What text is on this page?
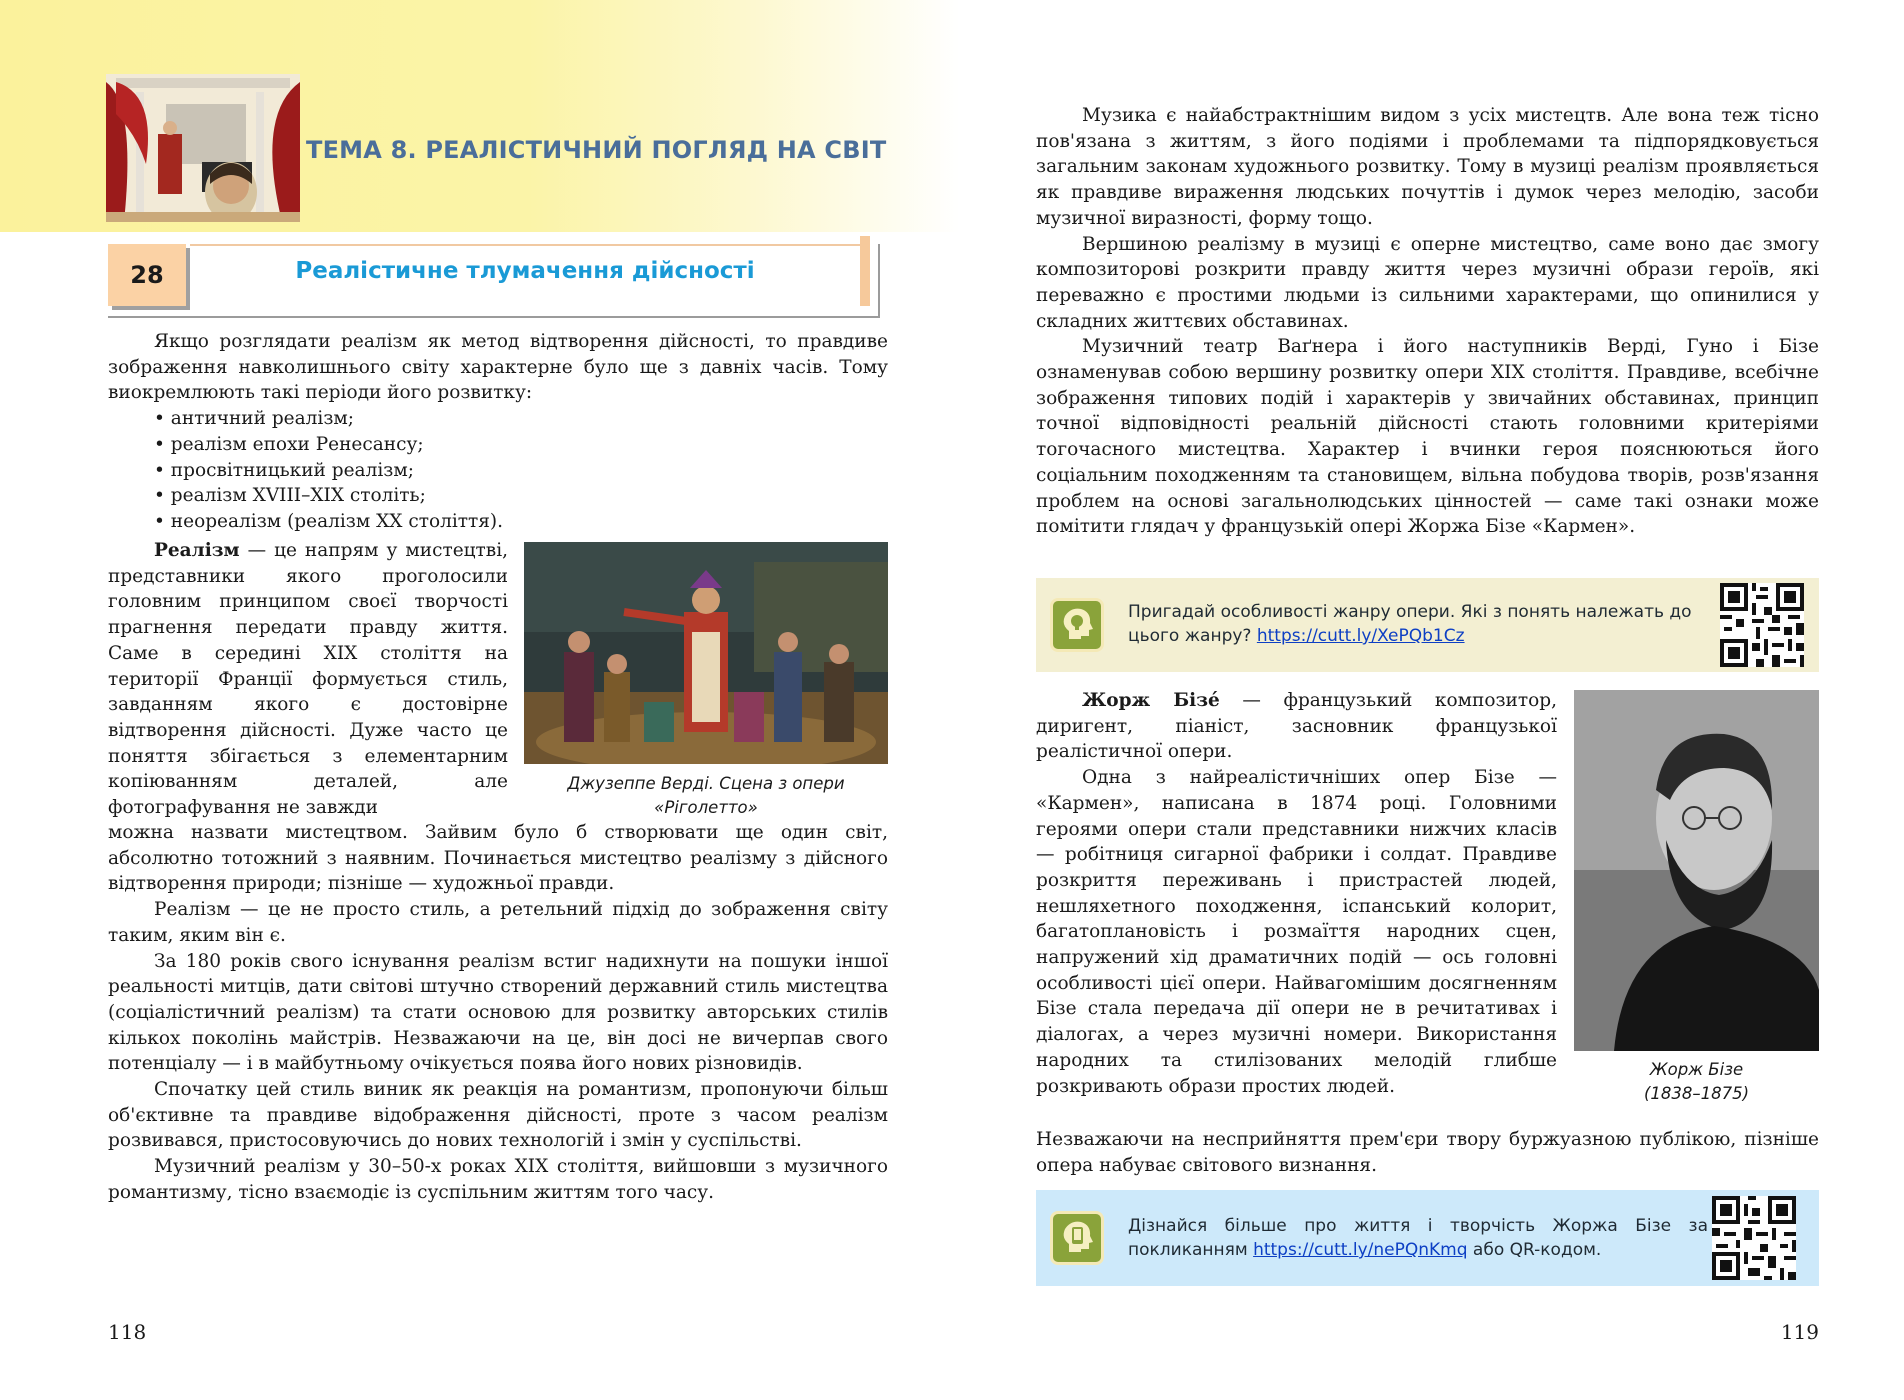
ТЕМА 8. РЕАЛІСТИЧНИЙ ПОГЛЯД НА СВІТ
28	Реалістичне тлумачення дійсності

Якщо розглядати реалізм як метод відтворення дійсності, то правдиве зображення навколишнього світу характерне було ще з давніх часів. Тому виокремлюють такі періоди його розвитку:

• античний реалізм;
• реалізм епохи Ренесансу;
• просвітницький реалізм;
• реалізм XVIII–XIX століть;
• неореалізм (реалізм XX століття).

Реалізм — це напрям у мистецтві, представники якого проголосили головним принципом своєї творчості прагнення передати правду життя. Саме в середині XIX століття на території Франції формується стиль, завданням якого є достовірне відтворення дійсності. Дуже часто це поняття збігається з елементарним копіюванням деталей, але фотографування не завжди

Джузеппе Верді. Сцена з опери «Ріголетто»

можна назвати мистецтвом. Зайвим було б створювати ще один світ, абсолютно тотожний з наявним. Починається мистецтво реалізму з дійсного відтворення природи; пізніше — художньої правди.

Реалізм — це не просто стиль, а ретельний підхід до зображення світу таким, яким він є.

За 180 років свого існування реалізм встиг надихнути на пошуки іншої реальності митців, дати світові штучно створений державний стиль мистецтва (соціалістичний реалізм) та стати основою для розвитку авторських стилів кількох поколінь майстрів. Незважаючи на це, він досі не вичерпав свого потенціалу — і в майбутньому очікується поява його нових різновидів.

Спочатку цей стиль виник як реакція на романтизм, пропонуючи більш об'єктивне та правдиве відображення дійсності, проте з часом реалізм розвивався, пристосовуючись до нових технологій і змін у суспільстві.

Музичний реалізм у 30–50-х роках XIX століття, вийшовши з музичного романтизму, тісно взаємодіє із суспільним життям того часу.

118

Музика є найабстрактнішим видом з усіх мистецтв. Але вона теж тісно пов'язана з життям, з його подіями і проблемами та підпорядковується загальним законам художнього розвитку. Тому в музиці реалізм проявляється як правдиве вираження людських почуттів і думок через мелодію, засоби музичної виразності, форму тощо.

Вершиною реалізму в музиці є оперне мистецтво, саме воно дає змогу композиторові розкрити правду життя через музичні образи героїв, які переважно є простими людьми із сильними характерами, що опинилися у складних життєвих обставинах.

Музичний театр Ваґнера і його наступників Верді, Гуно і Бізе ознаменував собою вершину розвитку опери XIX століття. Правдиве, всебічне зображення типових подій і характерів у звичайних обставинах, принцип точної відповідності реальній дійсності стають головними критеріями тогочасного мистецтва. Характер і вчинки героя пояснюються його соціальним походженням та становищем, вільна побудова творів, розв'язання проблем на основі загальнолюдських цінностей — саме такі ознаки може помітити глядач у французькій опері Жоржа Бізе «Кармен».

Пригадай особливості жанру опери. Які з понять належать до цього жанру? https://cutt.ly/XePQb1Cz

Жорж Бізе́ — французький композитор, диригент, піаніст, засновник французької реалістичної опери.

Одна з найреалістичніших опер Бізе — «Кармен», написана в 1874 році. Головними героями опери стали представники нижчих класів — робітниця сигарної фабрики і солдат. Правдиве розкриття переживань і пристрастей людей, нешляхетного походження, іспанський колорит, багатоплановість і розмаїття народних сцен, напружений хід драматичних подій — ось головні особливості цієї опери. Найвагомішим досягненням Бізе стала передача дії опери не в речитативах і діалогах, а через музичні номери. Використання народних та стилізованих мелодій глибше розкривають образи простих людей.

Жорж Бізе
(1838–1875)

Незважаючи на несприйняття прем'єри твору буржуазною публікою, пізніше опера набуває світового визнання.

Дізнайся більше про життя і творчість Жоржа Бізе за покликанням https://cutt.ly/nePQnKmq або QR-кодом.
119
